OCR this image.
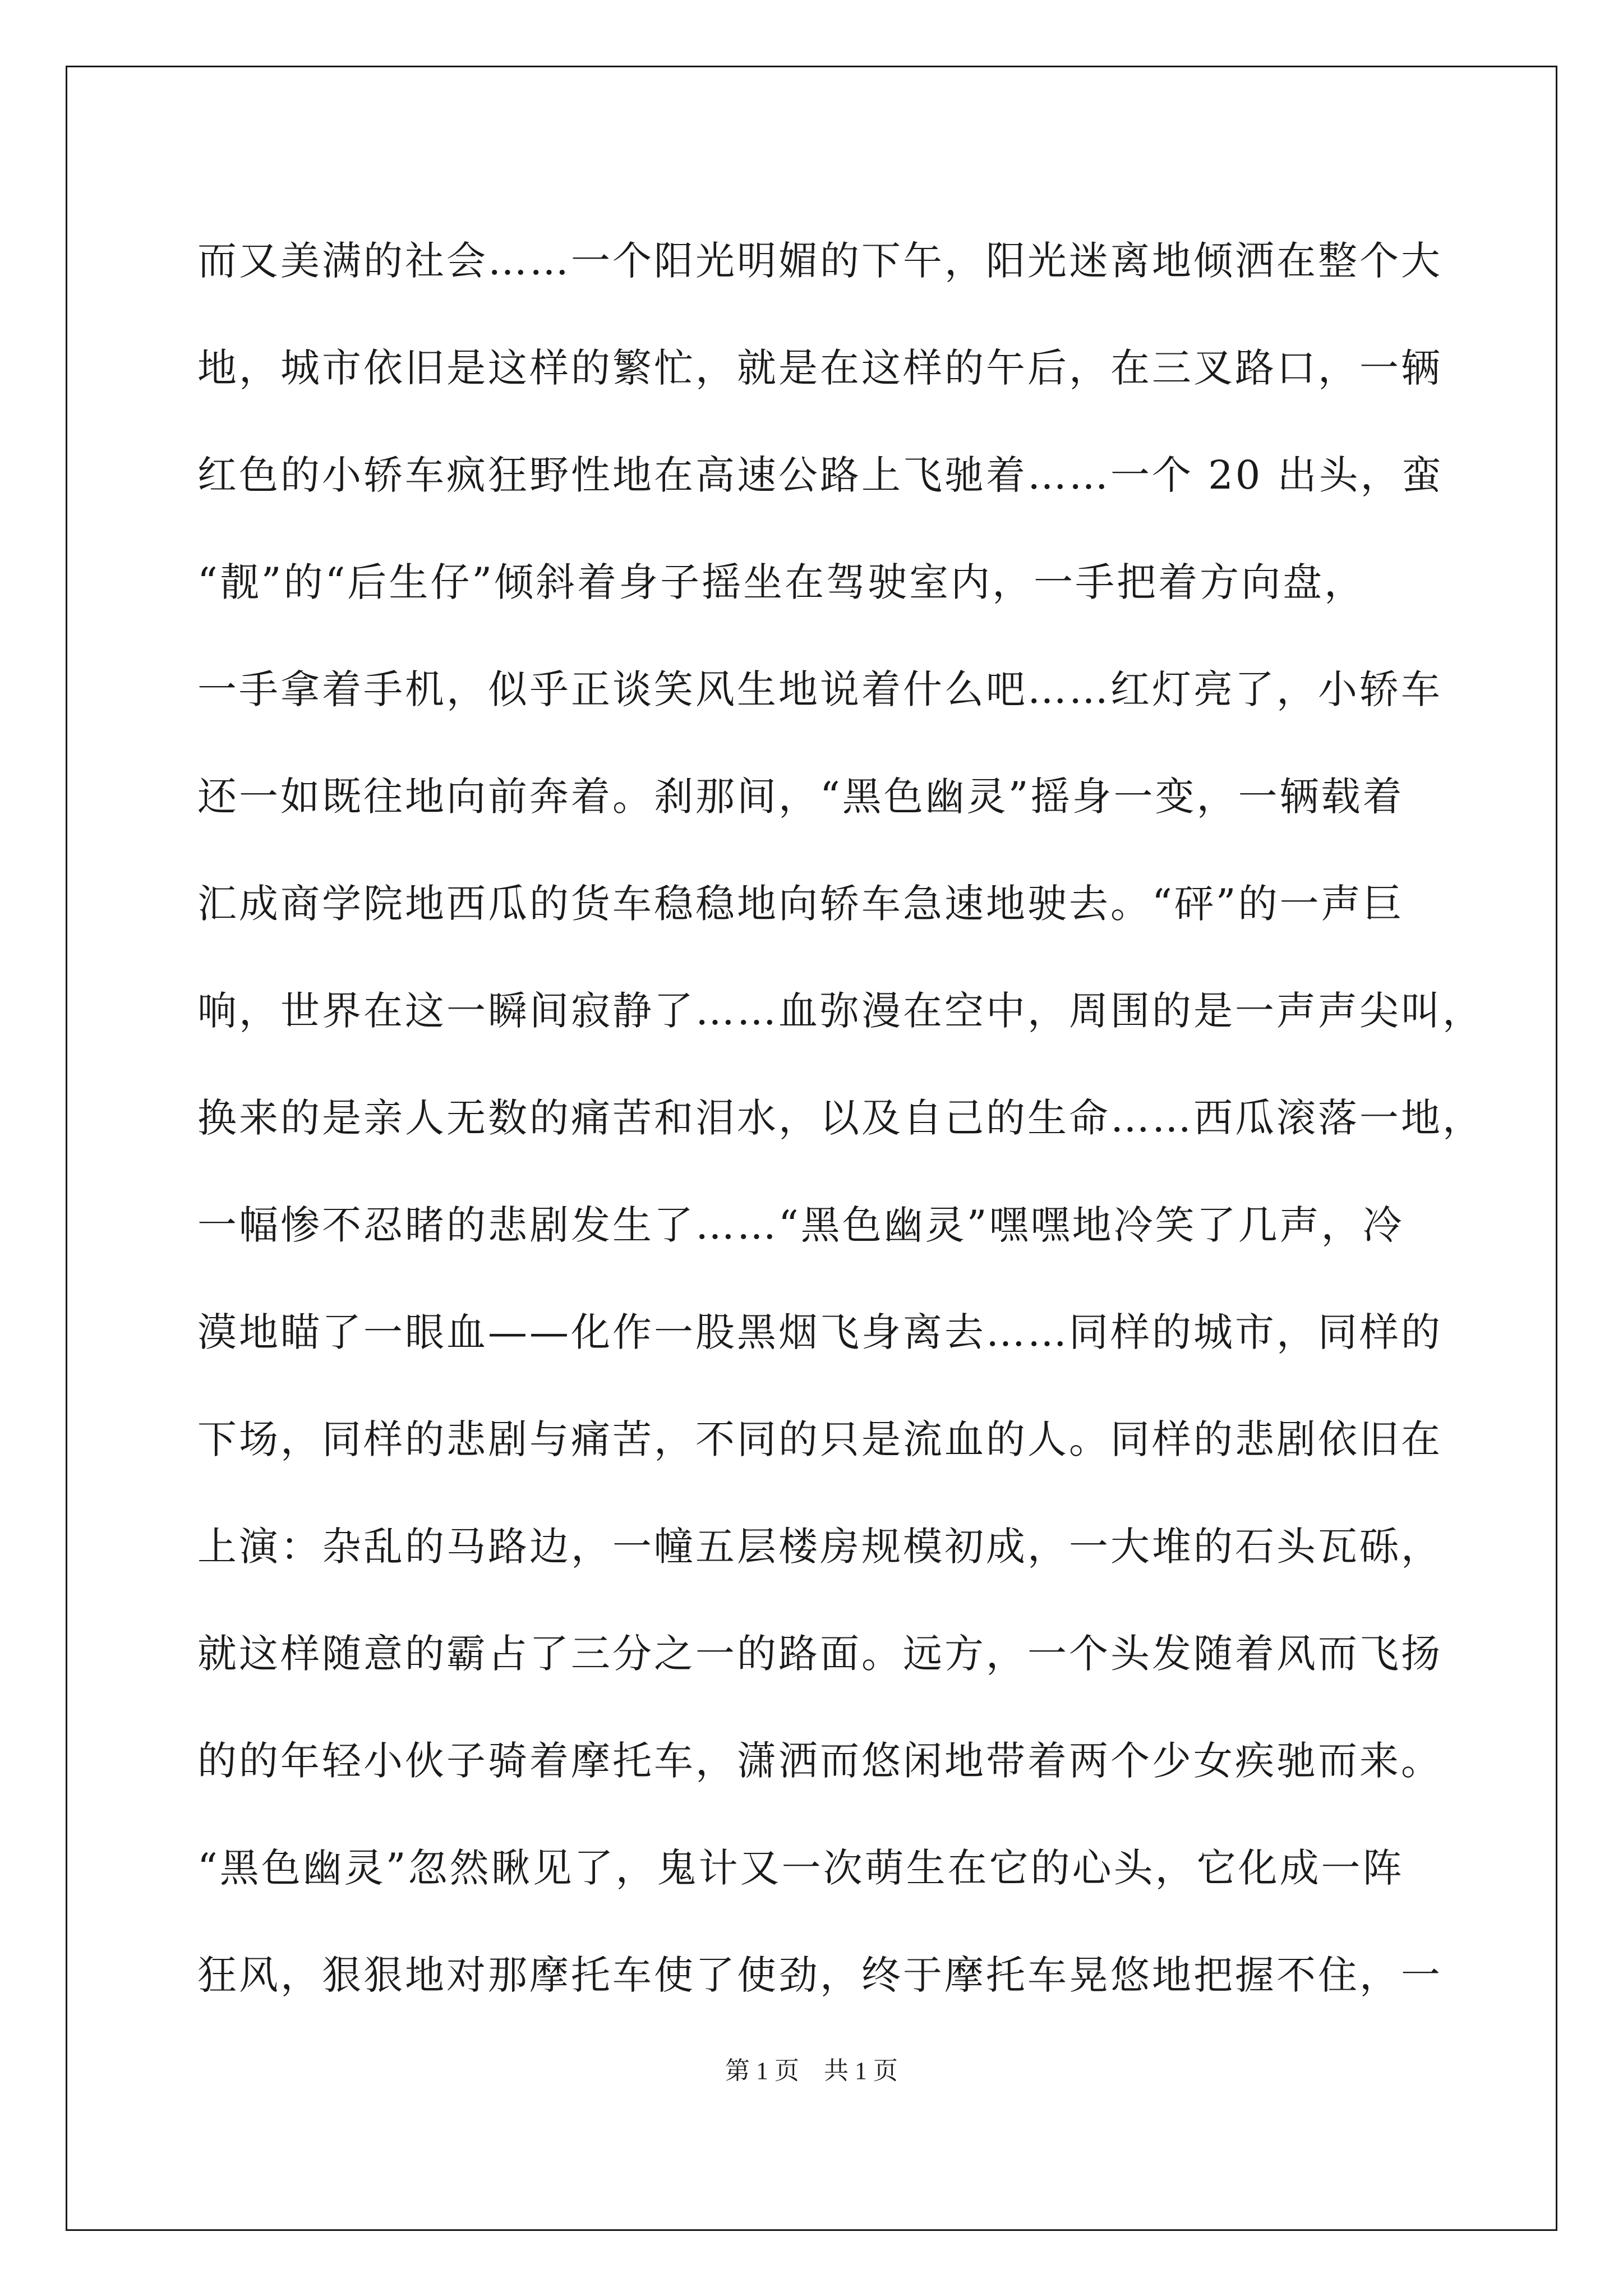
而又美满的社会……一个阳光明媚的下午，阳光迷离地倾洒在整个大
地，城市依旧是这样的繁忙，就是在这样的午后，在三叉路口，一辆
红色的小轿车疯狂野性地在高速公路上飞驰着……一个 20 出头，蛮
“靓”的“后生仔”倾斜着身子摇坐在驾驶室内，一手把着方向盘，
一手拿着手机，似乎正谈笑风生地说着什么吧……红灯亮了，小轿车
还一如既往地向前奔着。刹那间，“黑色幽灵”摇身一变，一辆载着
汇成商学院地西瓜的货车稳稳地向轿车急速地驶去。“砰”的一声巨
响，世界在这一瞬间寂静了……血弥漫在空中，周围的是一声声尖叫，
换来的是亲人无数的痛苦和泪水，以及自己的生命……西瓜滚落一地，
一幅惨不忍睹的悲剧发生了……“黑色幽灵”嘿嘿地冷笑了几声，冷
漠地瞄了一眼血——化作一股黑烟飞身离去……同样的城市，同样的
下场，同样的悲剧与痛苦，不同的只是流血的人。同样的悲剧依旧在
上演：杂乱的马路边，一幢五层楼房规模初成，一大堆的石头瓦砾，
就这样随意的霸占了三分之一的路面。远方，一个头发随着风而飞扬
的的年轻小伙子骑着摩托车，潇洒而悠闲地带着两个少女疾驰而来。
“黑色幽灵”忽然瞅见了，鬼计又一次萌生在它的心头，它化成一阵
狂风，狠狠地对那摩托车使了使劲，终于摩托车晃悠地把握不住，一
第 1 页 共 1 页
